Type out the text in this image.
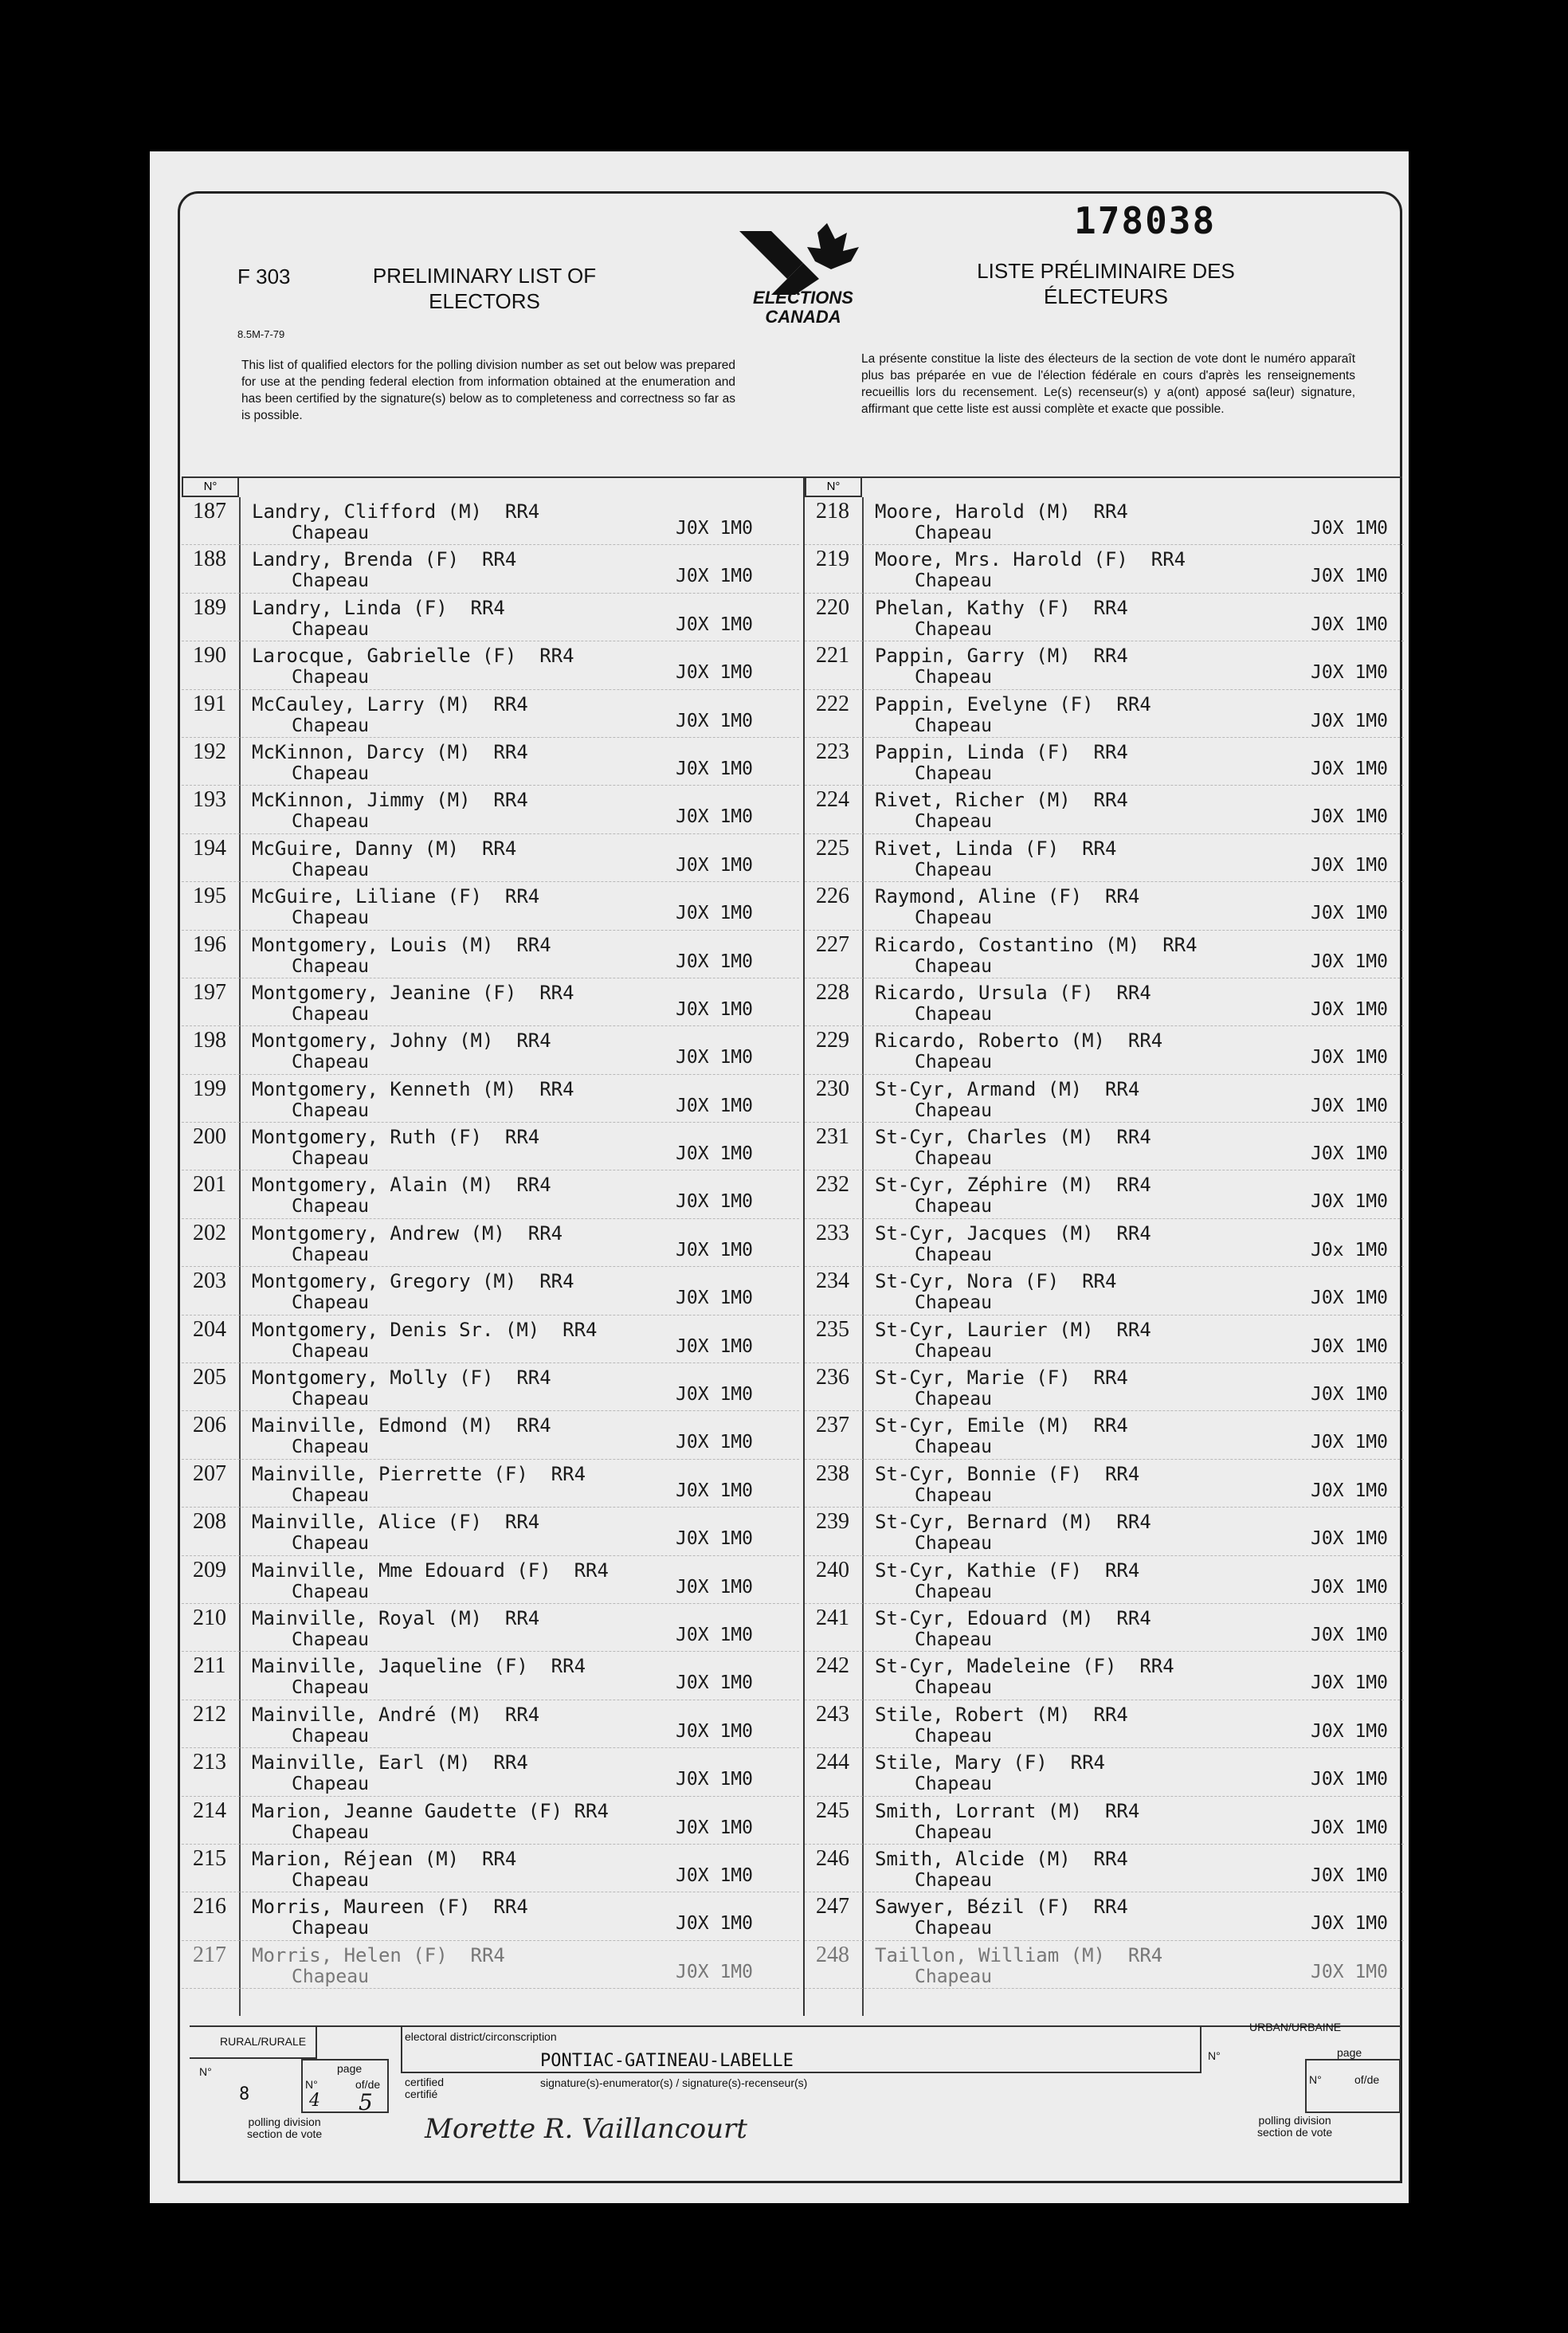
178038
F 303
8.5M-7-79
PRELIMINARY LIST OF
ELECTORS
LISTE PRÉLIMINAIRE DES
ÉLECTEURS
ELECTIONS
CANADA
This list of qualified electors for the polling division number as set out below was prepared for use at the pending federal election from information obtained at the enumeration and has been certified by the signature(s) below as to completeness and correctness so far as is possible.
La présente constitue la liste des électeurs de la section de vote dont le numéro apparaît plus bas préparée en vue de l'élection fédérale en cours d'après les renseignements recueillis lors du recensement. Le(s) recenseur(s) y a(ont) apposé sa(leur) signature, affirmant que cette liste est aussi complète et exacte que possible.
N°
187	Landry, Clifford (M)  RR4
Chapeau	J0X 1M0
188	Landry, Brenda (F)  RR4
Chapeau	J0X 1M0
189	Landry, Linda (F)  RR4
Chapeau	J0X 1M0
190	Larocque, Gabrielle (F)  RR4
Chapeau	J0X 1M0
191	McCauley, Larry (M)  RR4
Chapeau	J0X 1M0
192	McKinnon, Darcy (M)  RR4
Chapeau	J0X 1M0
193	McKinnon, Jimmy (M)  RR4
Chapeau	J0X 1M0
194	McGuire, Danny (M)  RR4
Chapeau	J0X 1M0
195	McGuire, Liliane (F)  RR4
Chapeau	J0X 1M0
196	Montgomery, Louis (M)  RR4
Chapeau	J0X 1M0
197	Montgomery, Jeanine (F)  RR4
Chapeau	J0X 1M0
198	Montgomery, Johny (M)  RR4
Chapeau	J0X 1M0
199	Montgomery, Kenneth (M)  RR4
Chapeau	J0X 1M0
200	Montgomery, Ruth (F)  RR4
Chapeau	J0X 1M0
201	Montgomery, Alain (M)  RR4
Chapeau	J0X 1M0
202	Montgomery, Andrew (M)  RR4
Chapeau	J0X 1M0
203	Montgomery, Gregory (M)  RR4
Chapeau	J0X 1M0
204	Montgomery, Denis Sr. (M)  RR4
Chapeau	J0X 1M0
205	Montgomery, Molly (F)  RR4
Chapeau	J0X 1M0
206	Mainville, Edmond (M)  RR4
Chapeau	J0X 1M0
207	Mainville, Pierrette (F)  RR4
Chapeau	J0X 1M0
208	Mainville, Alice (F)  RR4
Chapeau	J0X 1M0
209	Mainville, Mme Edouard (F)  RR4
Chapeau	J0X 1M0
210	Mainville, Royal (M)  RR4
Chapeau	J0X 1M0
211	Mainville, Jaqueline (F)  RR4
Chapeau	J0X 1M0
212	Mainville, André (M)  RR4
Chapeau	J0X 1M0
213	Mainville, Earl (M)  RR4
Chapeau	J0X 1M0
214	Marion, Jeanne Gaudette (F) RR4
Chapeau	J0X 1M0
215	Marion, Réjean (M)  RR4
Chapeau	J0X 1M0
216	Morris, Maureen (F)  RR4
Chapeau	J0X 1M0
217	Morris, Helen (F)  RR4
Chapeau	J0X 1M0
N°
218	Moore, Harold (M)  RR4
Chapeau	J0X 1M0
219	Moore, Mrs. Harold (F)  RR4
Chapeau	J0X 1M0
220	Phelan, Kathy (F)  RR4
Chapeau	J0X 1M0
221	Pappin, Garry (M)  RR4
Chapeau	J0X 1M0
222	Pappin, Evelyne (F)  RR4
Chapeau	J0X 1M0
223	Pappin, Linda (F)  RR4
Chapeau	J0X 1M0
224	Rivet, Richer (M)  RR4
Chapeau	J0X 1M0
225	Rivet, Linda (F)  RR4
Chapeau	J0X 1M0
226	Raymond, Aline (F)  RR4
Chapeau	J0X 1M0
227	Ricardo, Costantino (M)  RR4
Chapeau	J0X 1M0
228	Ricardo, Ursula (F)  RR4
Chapeau	J0X 1M0
229	Ricardo, Roberto (M)  RR4
Chapeau	J0X 1M0
230	St-Cyr, Armand (M)  RR4
Chapeau	J0X 1M0
231	St-Cyr, Charles (M)  RR4
Chapeau	J0X 1M0
232	St-Cyr, Zéphire (M)  RR4
Chapeau	J0X 1M0
233	St-Cyr, Jacques (M)  RR4
Chapeau	J0x 1M0
234	St-Cyr, Nora (F)  RR4
Chapeau	J0X 1M0
235	St-Cyr, Laurier (M)  RR4
Chapeau	J0X 1M0
236	St-Cyr, Marie (F)  RR4
Chapeau	J0X 1M0
237	St-Cyr, Emile (M)  RR4
Chapeau	J0X 1M0
238	St-Cyr, Bonnie (F)  RR4
Chapeau	J0X 1M0
239	St-Cyr, Bernard (M)  RR4
Chapeau	J0X 1M0
240	St-Cyr, Kathie (F)  RR4
Chapeau	J0X 1M0
241	St-Cyr, Edouard (M)  RR4
Chapeau	J0X 1M0
242	St-Cyr, Madeleine (F)  RR4
Chapeau	J0X 1M0
243	Stile, Robert (M)  RR4
Chapeau	J0X 1M0
244	Stile, Mary (F)  RR4
Chapeau	J0X 1M0
245	Smith, Lorrant (M)  RR4
Chapeau	J0X 1M0
246	Smith, Alcide (M)  RR4
Chapeau	J0X 1M0
247	Sawyer, Bézil (F)  RR4
Chapeau	J0X 1M0
248	Taillon, William (M)  RR4
Chapeau	J0X 1M0
RURAL/RURALE
N°
8
page
N°	of/de
4 5
polling division
section de vote
electoral district/circonscription
PONTIAC-GATINEAU-LABELLE
certified
certifié
signature(s)-enumerator(s) / signature(s)-recenseur(s)
Morette R. Vaillancourt
URBAN/URBAINE
N°	page
N°	of/de
polling division
section de vote
